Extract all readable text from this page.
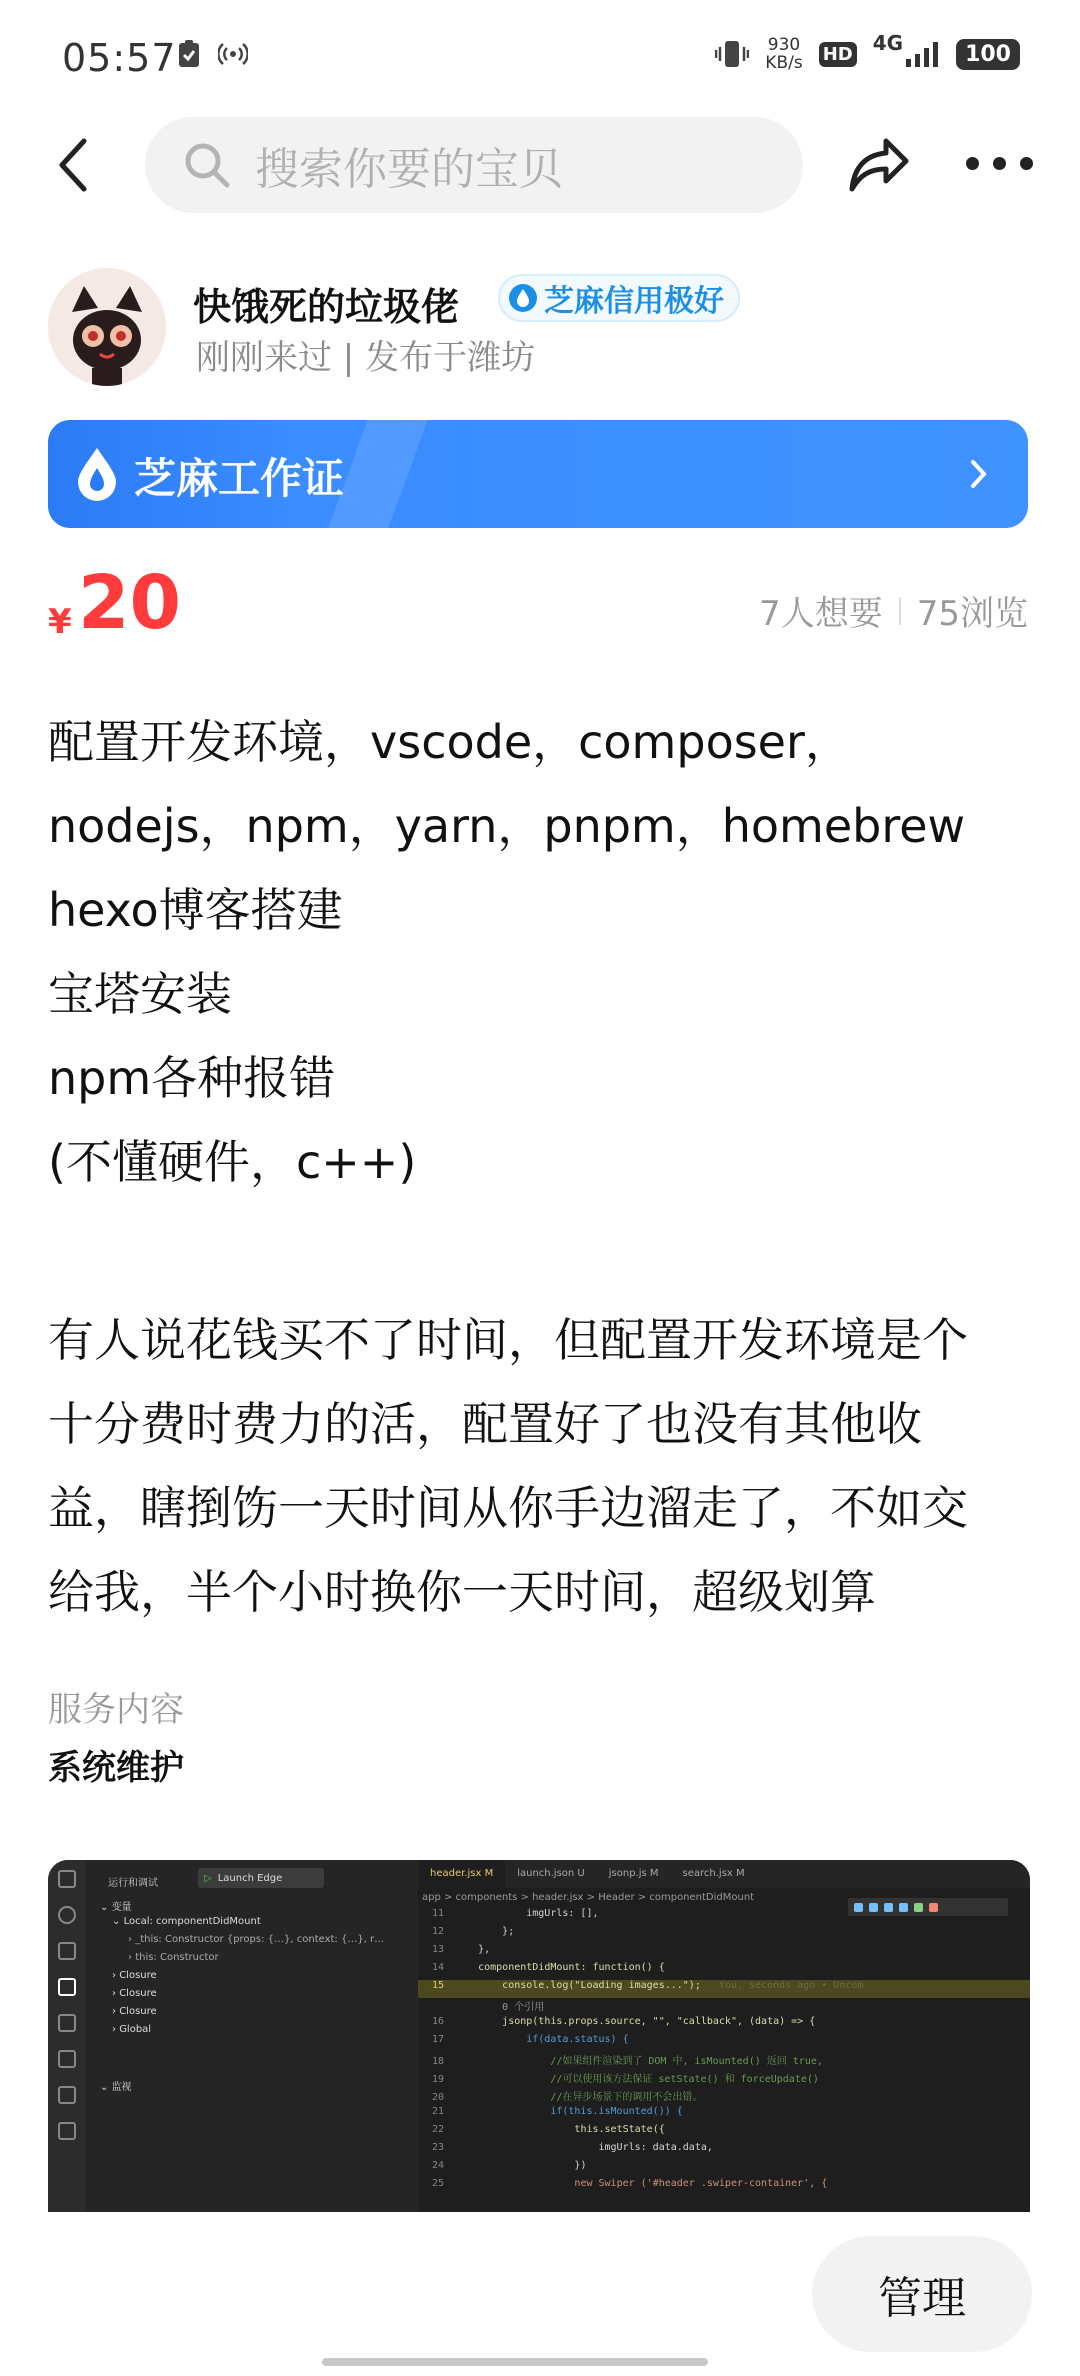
05:57	930
KB/s HD 4G	100
搜索你要的宝贝
快饿死的垃圾佬	芝麻信用极好
刚刚来过 | 发布于潍坊
芝麻工作证
¥ 20	7人想要 75浏览
配置开发环境，vscode，composer，
nodejs，npm，yarn，pnpm，homebrew
hexo博客搭建
宝塔安装
npm各种报错
(不懂硬件，c++)
有人说花钱买不了时间，但配置开发环境是个
十分费时费力的活，配置好了也没有其他收
益，瞎捯饬一天时间从你手边溜走了，不如交
给我，半个小时换你一天时间，超级划算
服务内容
系统维护
运行和调试	▷ Launch Edge
⌄ 变量
⌄ Local: componentDidMount
› _this: Constructor {props: {…}, context: {…}, r…
› this: Constructor
› Closure
› Closure
› Closure
› Global
⌄ 监视
header.jsx M	launch.json U	jsonp.js M	search.jsx M
app > components > header.jsx > Header > componentDidMount
11	imgUrls: [],
12	};
13	},
14	componentDidMount: function() {
15	console.log("Loading images..."); You, seconds ago • Uncom
0 个引用
16	jsonp(this.props.source, "", "callback", (data) => {
17	if(data.status) {
18	//如果组件渲染到了 DOM 中, isMounted() 返回 true,
19	//可以使用该方法保证 setState() 和 forceUpdate()
20	//在异步场景下的调用不会出错。
21	if(this.isMounted()) {
22	this.setState({
23	imgUrls: data.data,
24	})
25	new Swiper ('#header .swiper-container', {
管理
